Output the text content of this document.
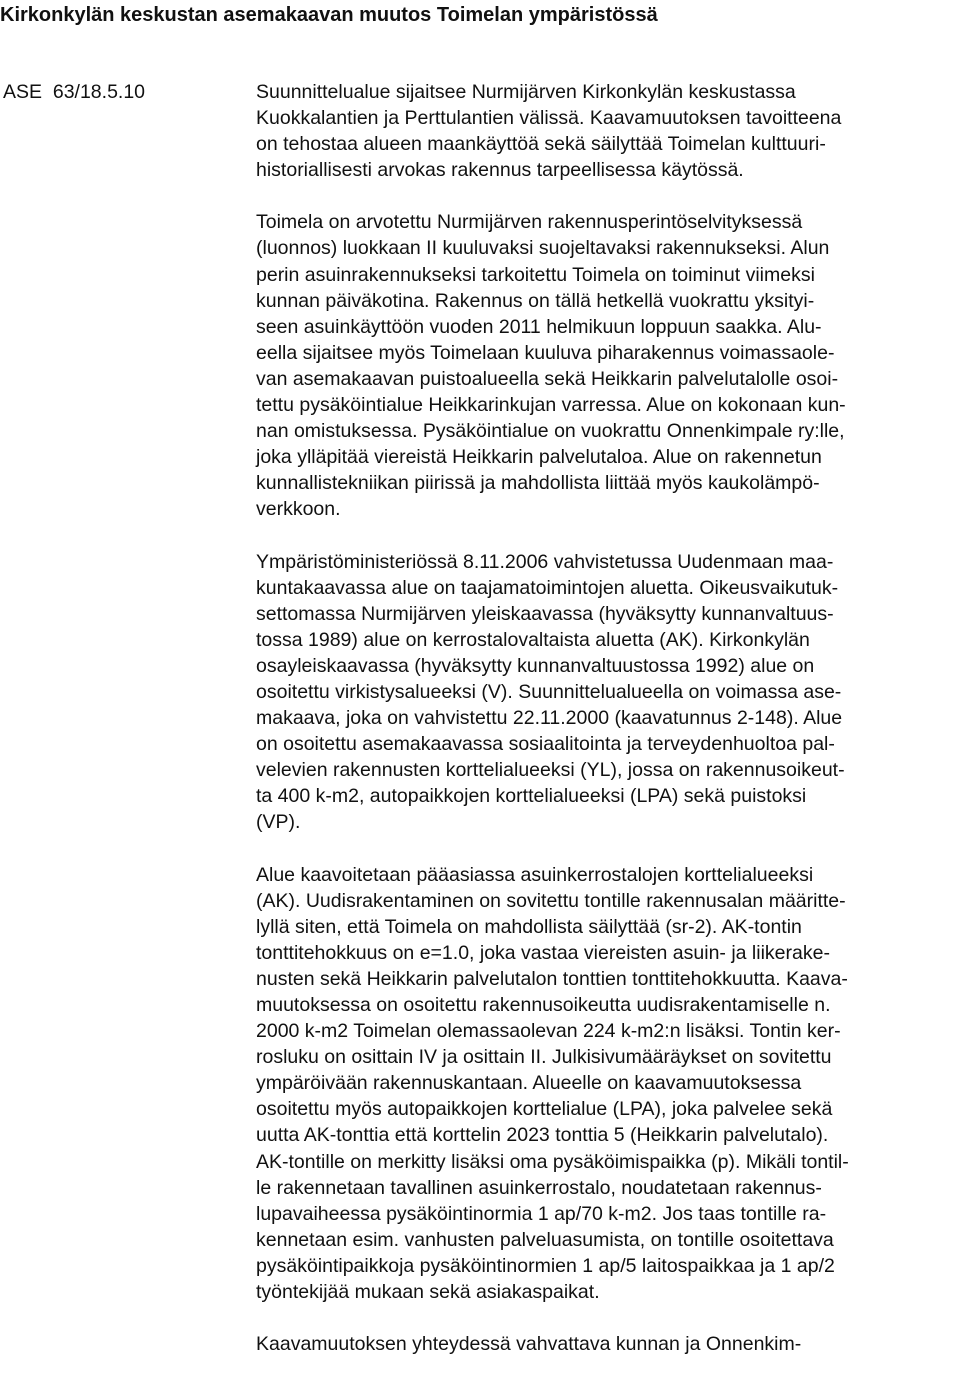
Kirkonkylän keskustan asemakaavan muutos Toimelan ympäristössä
ASE  63/18.5.10	Suunnittelualue sijaitsee Nurmijärven Kirkonkylän keskustassa
Kuokkalantien ja Perttulantien välissä. Kaavamuutoksen tavoitteena
on tehostaa alueen maankäyttöä sekä säilyttää Toimelan kulttuuri-
historiallisesti arvokas rakennus tarpeellisessa käytössä.

Toimela on arvotettu Nurmijärven rakennusperintöselvityksessä
(luonnos) luokkaan II kuuluvaksi suojeltavaksi rakennukseksi. Alun
perin asuinrakennukseksi tarkoitettu Toimela on toiminut viimeksi
kunnan päiväkotina. Rakennus on tällä hetkellä vuokrattu yksityi-
seen asuinkäyttöön vuoden 2011 helmikuun loppuun saakka. Alu-
eella sijaitsee myös Toimelaan kuuluva piharakennus voimassaole-
van asemakaavan puistoalueella sekä Heikkarin palvelutalolle osoi-
tettu pysäköintialue Heikkarinkujan varressa. Alue on kokonaan kun-
nan omistuksessa. Pysäköintialue on vuokrattu Onnenkimpale ry:lle,
joka ylläpitää viereistä Heikkarin palvelutaloa. Alue on rakennetun
kunnallistekniikan piirissä ja mahdollista liittää myös kaukolämpö-
verkkoon.

Ympäristöministeriössä 8.11.2006 vahvistetussa Uudenmaan maa-
kuntakaavassa alue on taajamatoimintojen aluetta. Oikeusvaikutuk-
settomassa Nurmijärven yleiskaavassa (hyväksytty kunnanvaltuus-
tossa 1989) alue on kerrostalovaltaista aluetta (AK). Kirkonkylän
osayleiskaavassa (hyväksytty kunnanvaltuustossa 1992) alue on
osoitettu virkistysalueeksi (V). Suunnittelualueella on voimassa ase-
makaava, joka on vahvistettu 22.11.2000 (kaavatunnus 2-148). Alue
on osoitettu asemakaavassa sosiaalitointa ja terveydenhuoltoa pal-
velevien rakennusten korttelialueeksi (YL), jossa on rakennusoikeut-
ta 400 k-m2, autopaikkojen korttelialueeksi (LPA) sekä puistoksi
(VP).

Alue kaavoitetaan pääasiassa asuinkerrostalojen korttelialueeksi
(AK). Uudisrakentaminen on sovitettu tontille rakennusalan määritte-
lyllä siten, että Toimela on mahdollista säilyttää (sr-2). AK-tontin
tonttitehokkuus on e=1.0, joka vastaa viereisten asuin- ja liikerake-
nusten sekä Heikkarin palvelutalon tonttien tonttitehokkuutta. Kaava-
muutoksessa on osoitettu rakennusoikeutta uudisrakentamiselle n.
2000 k-m2 Toimelan olemassaolevan 224 k-m2:n lisäksi. Tontin ker-
rosluku on osittain IV ja osittain II. Julkisivumääräykset on sovitettu
ympäröivään rakennuskantaan. Alueelle on kaavamuutoksessa
osoitettu myös autopaikkojen korttelialue (LPA), joka palvelee sekä
uutta AK-tonttia että korttelin 2023 tonttia 5 (Heikkarin palvelutalo).
AK-tontille on merkitty lisäksi oma pysäköimispaikka (p). Mikäli tontil-
le rakennetaan tavallinen asuinkerrostalo, noudatetaan rakennus-
lupavaiheessa pysäköintinormia 1 ap/70 k-m2. Jos taas tontille ra-
kennetaan esim. vanhusten palveluasumista, on tontille osoitettava
pysäköintipaikkoja pysäköintinormien 1 ap/5 laitospaikkaa ja 1 ap/2
työntekijää mukaan sekä asiakaspaikat.

Kaavamuutoksen yhteydessä vahvattava kunnan ja Onnenkim-
